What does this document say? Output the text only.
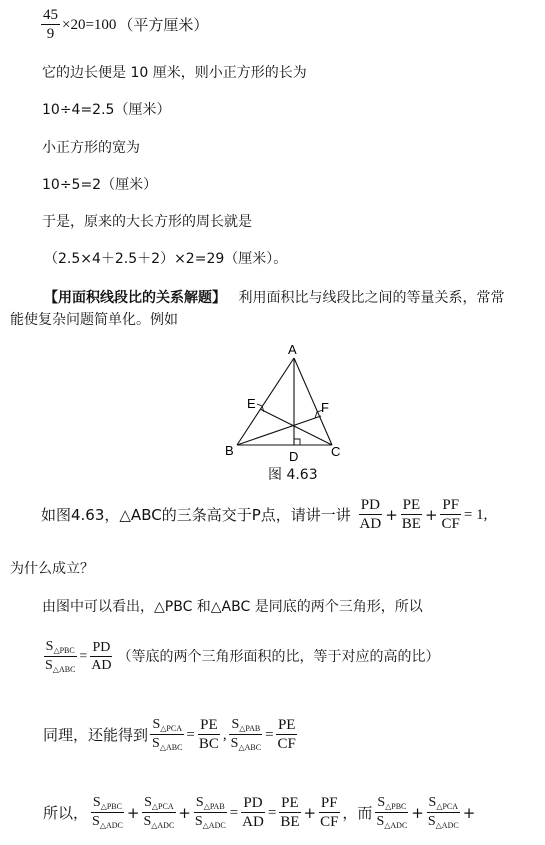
$\frac{45}{9} \times 20=100$ （平方厘米）
它的边长便是 10 厘米，则小正方形的长为
10÷4=2.5（厘米）
小正方形的宽为
10÷5=2（厘米）
于是，原来的大长方形的周长就是
（2.5×4＋2.5＋2）×2=29（厘米）。
【用面积线段比的关系解题】 利用面积比与线段比之间的等量关系，常常
能使复杂问题简单化。例如
A
B	C
D
E	F
图 4.63
如图4.63，△ABC的三条高交于P点，请讲一讲 $\frac{PD}{AD} + \frac{PE}{BE} + \frac{PF}{CF} = 1$,
为什么成立？
由图中可以看出，△PBC 和△ABC 是同底的两个三角形，所以
$\frac{S_{\triangle PBC}}{S_{\triangle ABC}} = \frac{PD}{AD}$ （等底的两个三角形面积的比，等于对应的高的比）
同理，还能得到 $\frac{S_{\triangle PCA}}{S_{\triangle ABC}} = \frac{PE}{BC}$ , $\frac{S_{\triangle PAB}}{S_{\triangle ABC}} = \frac{PE}{CF}$
所以， $\frac{S_{\triangle PBC}}{S_{\triangle ADC}} + \frac{S_{\triangle PCA}}{S_{\triangle ADC}} + \frac{S_{\triangle PAB}}{S_{\triangle ADC}} = \frac{PD}{AD} = \frac{PE}{BE} + \frac{PF}{CF}$ ，而 $\frac{S_{\triangle PBC}}{S_{\triangle ADC}} + \frac{S_{\triangle PCA}}{S_{\triangle ADC}}$ +
